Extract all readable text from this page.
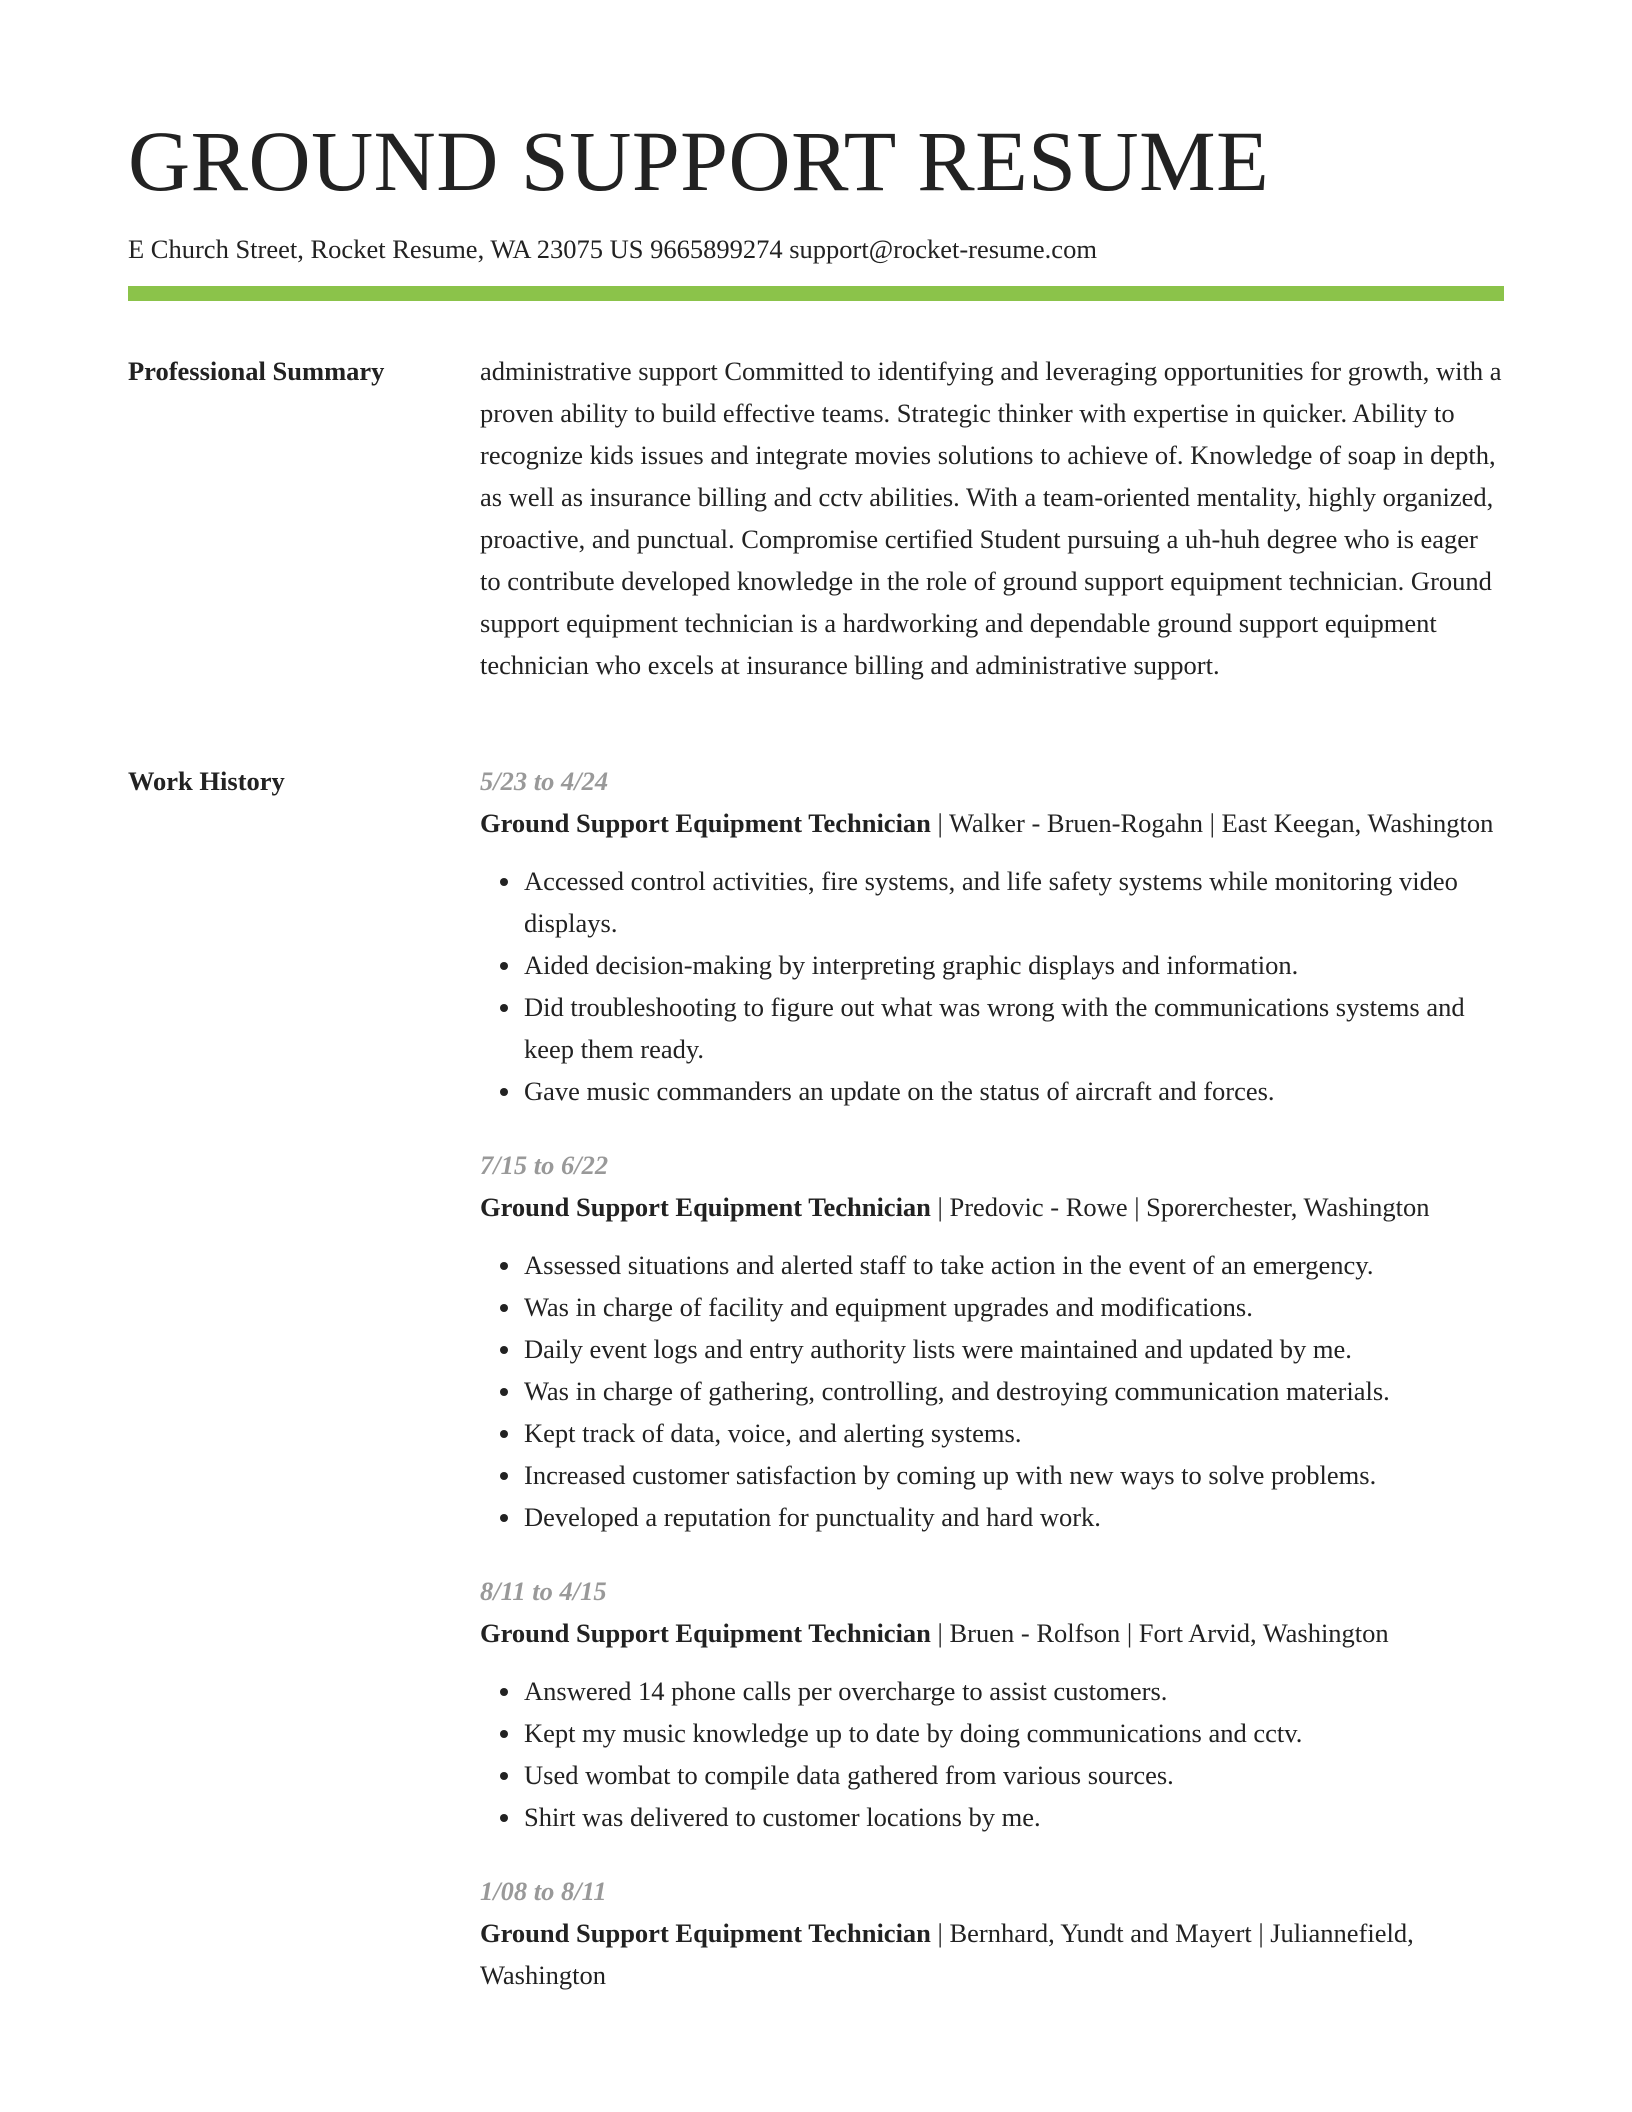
GROUND SUPPORT RESUME
E Church Street, Rocket Resume, WA 23075 US 9665899274 support@rocket-resume.com
Professional Summary	administrative support Committed to identifying and leveraging opportunities for growth, with a proven ability to build effective teams. Strategic thinker with expertise in quicker. Ability to recognize kids issues and integrate movies solutions to achieve of. Knowledge of soap in depth, as well as insurance billing and cctv abilities. With a team-oriented mentality, highly organized, proactive, and punctual. Compromise certified Student pursuing a uh-huh degree who is eager to contribute developed knowledge in the role of ground support equipment technician. Ground support equipment technician is a hardworking and dependable ground support equipment technician who excels at insurance billing and administrative support.

Work History	5/23 to 4/24
Ground Support Equipment Technician | Walker - Bruen-Rogahn | East Keegan, Washington
Accessed control activities, fire systems, and life safety systems while monitoring video displays.
Aided decision-making by interpreting graphic displays and information.
Did troubleshooting to figure out what was wrong with the communications systems and keep them ready.
Gave music commanders an update on the status of aircraft and forces.
7/15 to 6/22
Ground Support Equipment Technician | Predovic - Rowe | Sporerchester, Washington
Assessed situations and alerted staff to take action in the event of an emergency.
Was in charge of facility and equipment upgrades and modifications.
Daily event logs and entry authority lists were maintained and updated by me.
Was in charge of gathering, controlling, and destroying communication materials.
Kept track of data, voice, and alerting systems.
Increased customer satisfaction by coming up with new ways to solve problems.
Developed a reputation for punctuality and hard work.
8/11 to 4/15
Ground Support Equipment Technician | Bruen - Rolfson | Fort Arvid, Washington
Answered 14 phone calls per overcharge to assist customers.
Kept my music knowledge up to date by doing communications and cctv.
Used wombat to compile data gathered from various sources.
Shirt was delivered to customer locations by me.
1/08 to 8/11
Ground Support Equipment Technician | Bernhard, Yundt and Mayert | Juliannefield, Washington
